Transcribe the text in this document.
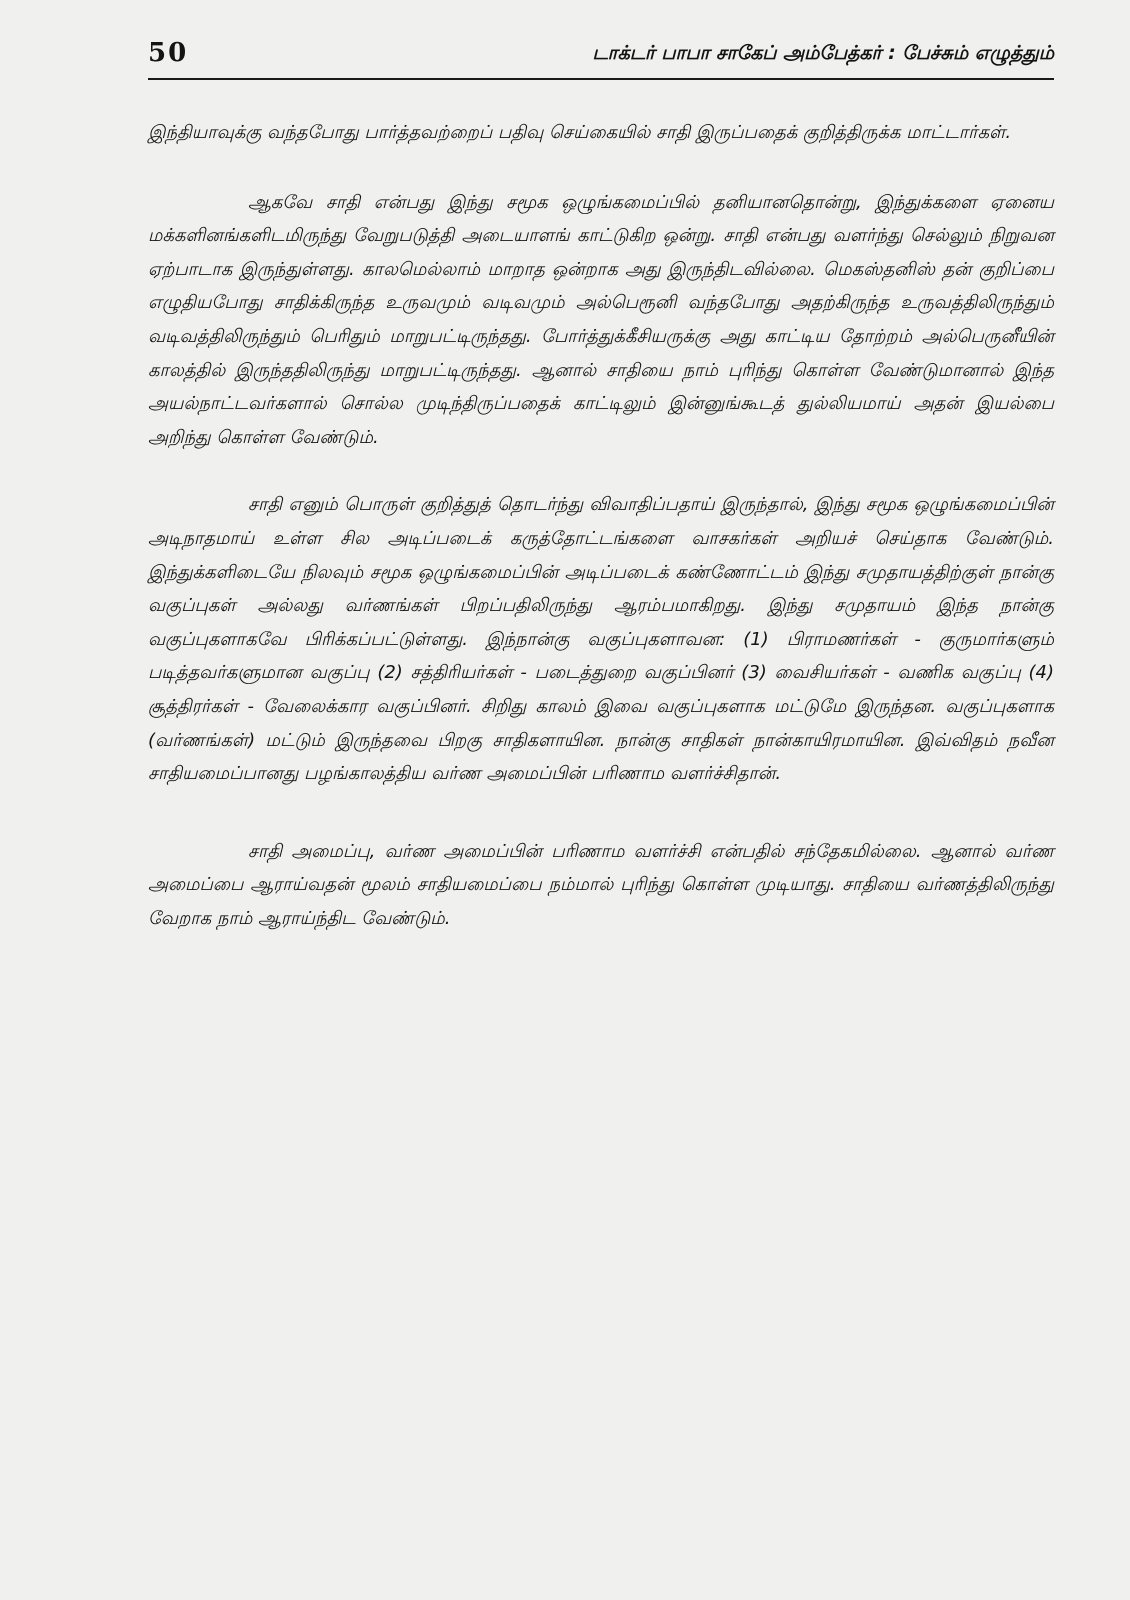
50	டாக்டர் பாபா சாகேப் அம்பேத்கர் : பேச்சும் எழுத்தும்

இந்தியாவுக்கு வந்தபோது பார்த்தவற்றைப் பதிவு செய்கையில் சாதி இருப்பதைக் குறித்திருக்க மாட்டார்கள்.

ஆகவே சாதி என்பது இந்து சமூக ஒழுங்கமைப்பில் தனியானதொன்று, இந்துக்களை ஏனைய மக்களினங்களிடமிருந்து வேறுபடுத்தி அடையாளங் காட்டுகிற ஒன்று. சாதி என்பது வளர்ந்து செல்லும் நிறுவன ஏற்பாடாக இருந்துள்ளது. காலமெல்லாம் மாறாத ஒன்றாக அது இருந்திடவில்லை. மெகஸ்தனிஸ் தன் குறிப்பை எழுதியபோது சாதிக்கிருந்த உருவமும் வடிவமும் அல்பெரூனி வந்தபோது அதற்கிருந்த உருவத்திலிருந்தும் வடிவத்திலிருந்தும் பெரிதும் மாறுபட்டிருந்தது. போர்த்துக்கீசியருக்கு அது காட்டிய தோற்றம் அல்பெருனீயின் காலத்தில் இருந்ததிலிருந்து மாறுபட்டிருந்தது. ஆனால் சாதியை நாம் புரிந்து கொள்ள வேண்டுமானால் இந்த அயல்நாட்டவர்களால் சொல்ல முடிந்திருப்பதைக் காட்டிலும் இன்னுங்கூடத் துல்லியமாய் அதன் இயல்பை அறிந்து கொள்ள வேண்டும்.

சாதி எனும் பொருள் குறித்துத் தொடர்ந்து விவாதிப்பதாய் இருந்தால், இந்து சமூக ஒழுங்கமைப்பின் அடிநாதமாய் உள்ள சில அடிப்படைக் கருத்தோட்டங்களை வாசகர்கள் அறியச் செய்தாக வேண்டும். இந்துக்களிடையே நிலவும் சமூக ஒழுங்கமைப்பின் அடிப்படைக் கண்ணோட்டம் இந்து சமுதாயத்திற்குள் நான்கு வகுப்புகள் அல்லது வர்ணங்கள் பிறப்பதிலிருந்து ஆரம்பமாகிறது. இந்து சமுதாயம் இந்த நான்கு வகுப்புகளாகவே பிரிக்கப்பட்டுள்ளது. இந்நான்கு வகுப்புகளாவன: (1) பிராமணர்கள் - குருமார்களும் படித்தவர்களுமான வகுப்பு (2) சத்திரியர்கள் - படைத்துறை வகுப்பினர் (3) வைசியர்கள் - வணிக வகுப்பு (4) சூத்திரர்கள் - வேலைக்கார வகுப்பினர். சிறிது காலம் இவை வகுப்புகளாக மட்டுமே இருந்தன. வகுப்புகளாக (வர்ணங்கள்) மட்டும் இருந்தவை பிறகு சாதிகளாயின. நான்கு சாதிகள் நான்காயிரமாயின. இவ்விதம் நவீன சாதியமைப்பானது பழங்காலத்திய வர்ண அமைப்பின் பரிணாம வளர்ச்சிதான்.

சாதி அமைப்பு, வர்ண அமைப்பின் பரிணாம வளர்ச்சி என்பதில் சந்தேகமில்லை. ஆனால் வர்ண அமைப்பை ஆராய்வதன் மூலம் சாதியமைப்பை நம்மால் புரிந்து கொள்ள முடியாது. சாதியை வர்ணத்திலிருந்து வேறாக நாம் ஆராய்ந்திட வேண்டும்.
